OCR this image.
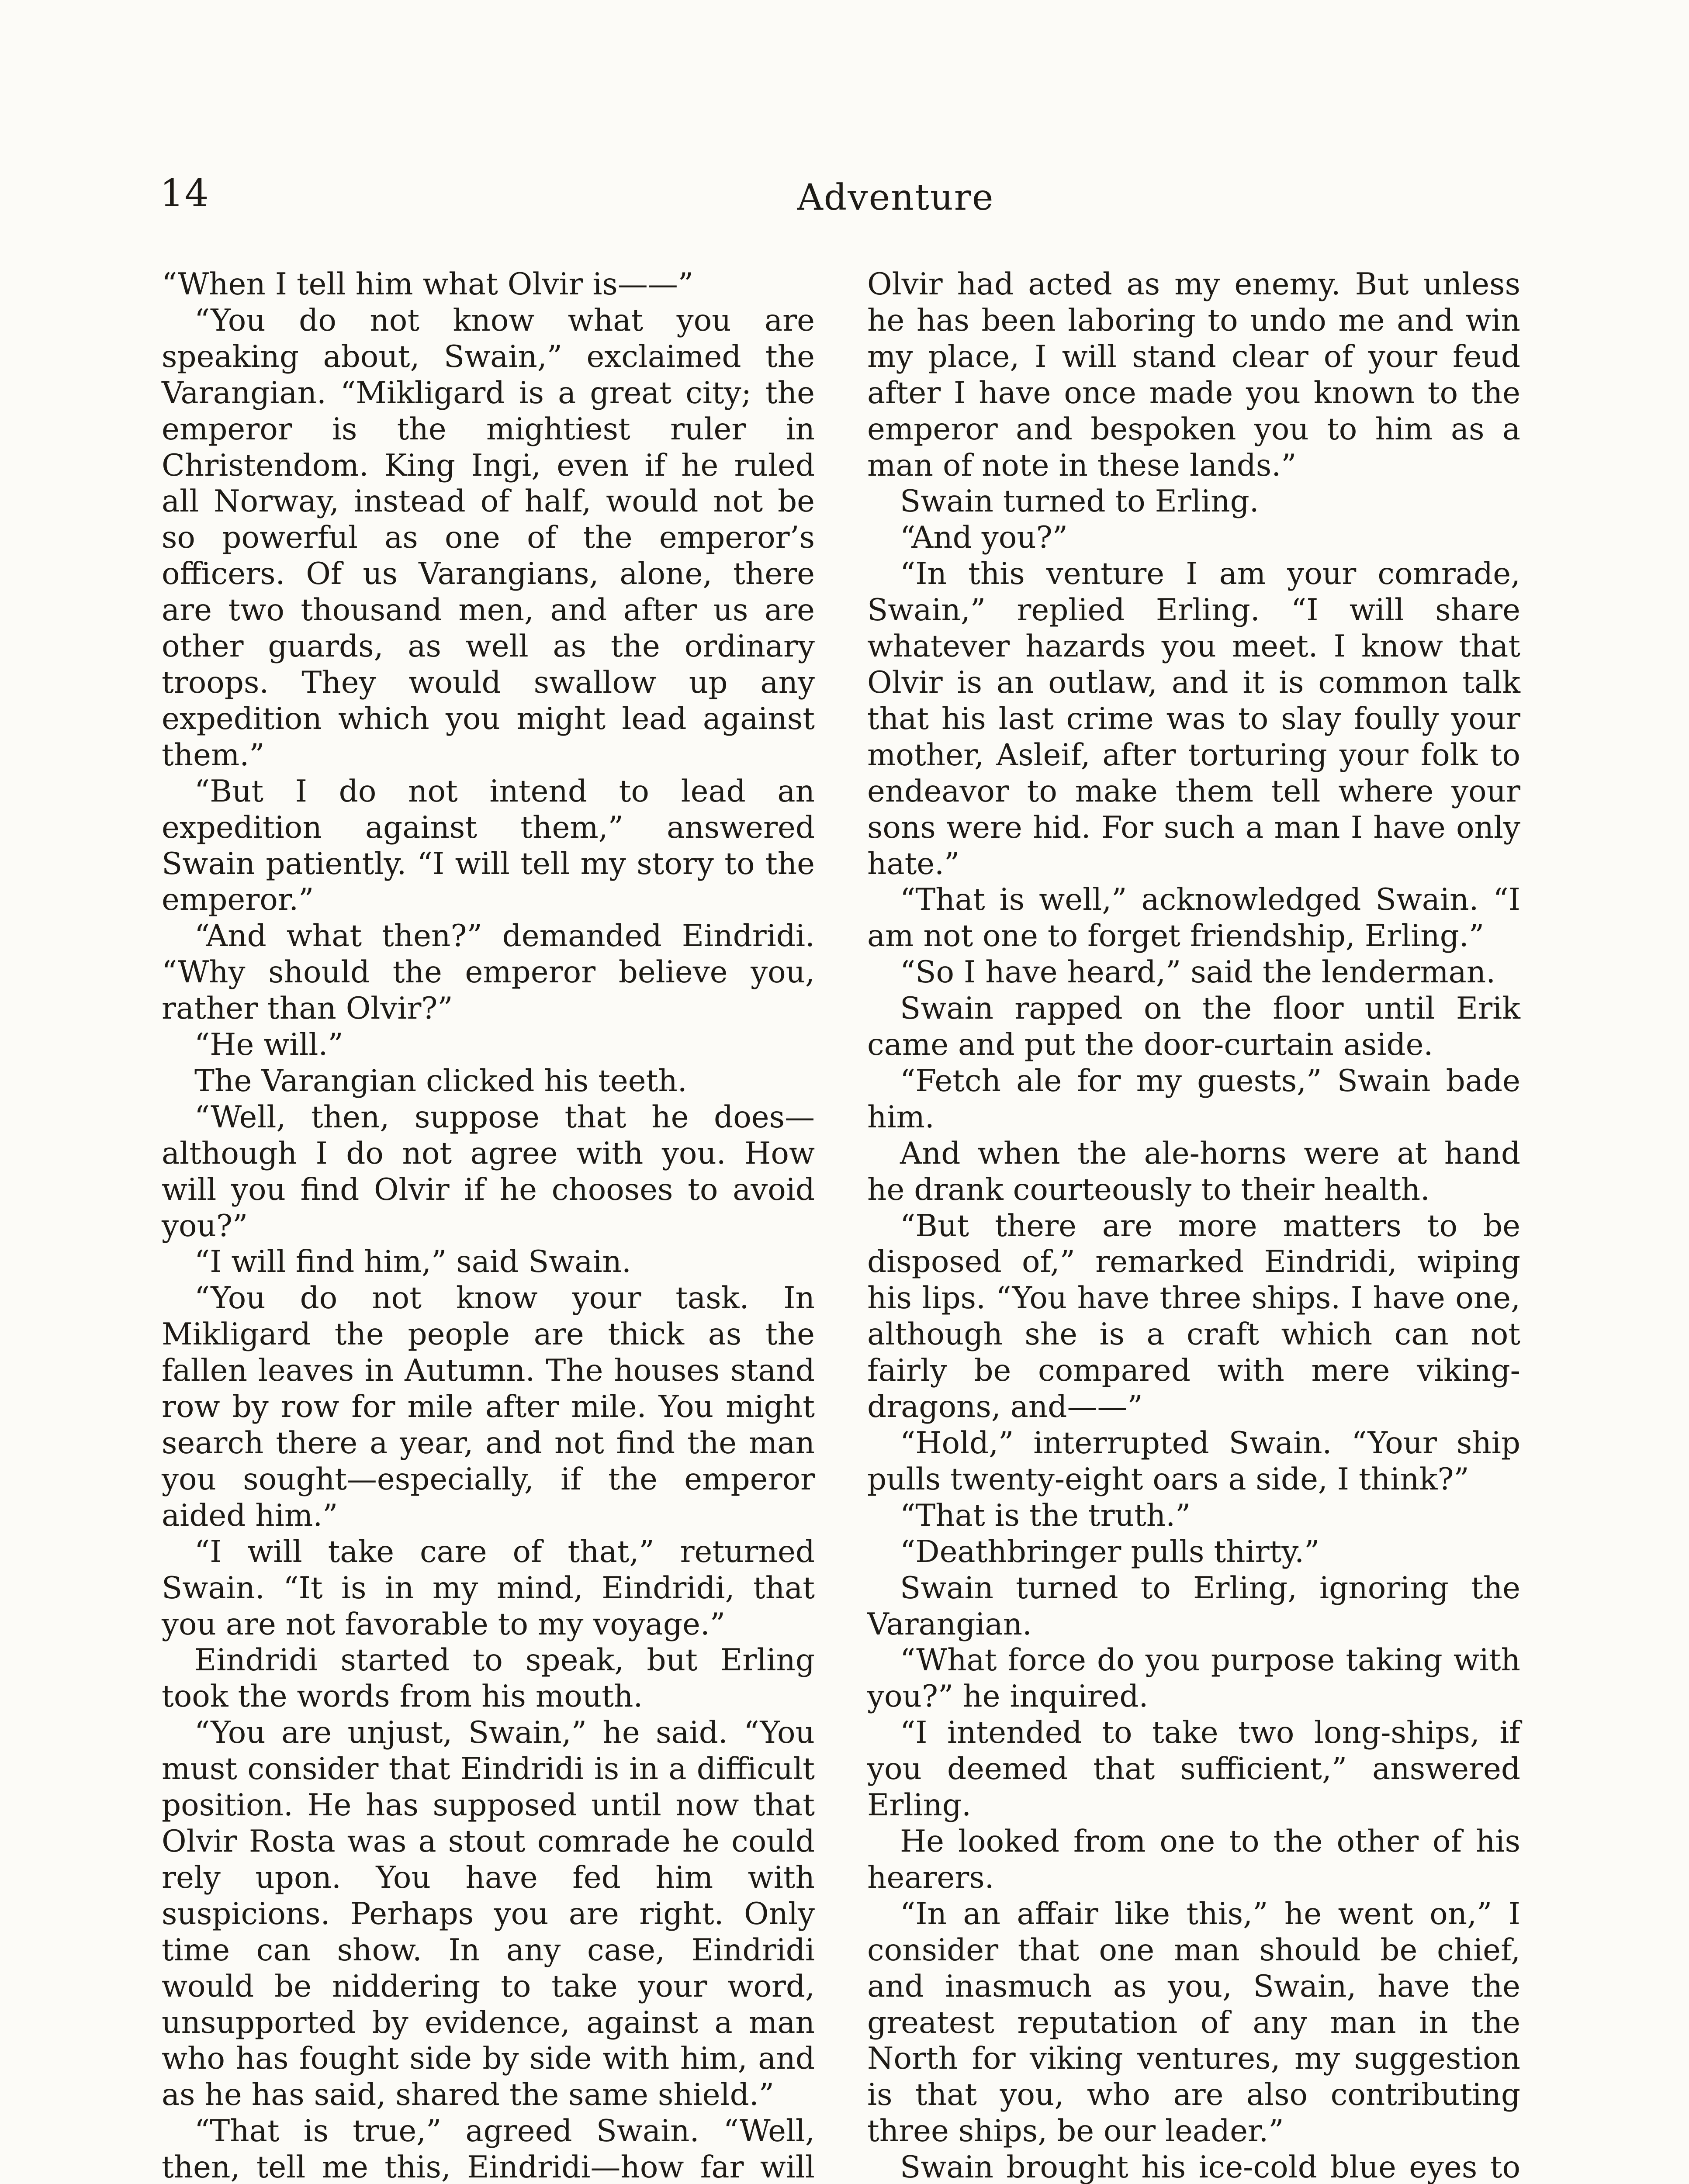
14	Adventure

“When I tell him what Olvir is——”

“You do not know what you are speaking about, Swain,” exclaimed the Varangian. “Mikligard is a great city; the emperor is the mightiest ruler in Christendom. King Ingi, even if he ruled all Norway, instead of half, would not be so powerful as one of the emperor’s officers. Of us Varangians, alone, there are two thousand men, and after us are other guards, as well as the ordinary troops. They would swallow up any expedition which you might lead against them.”

“But I do not intend to lead an expedition against them,” answered Swain patiently. “I will tell my story to the emperor.”

“And what then?” demanded Eindridi. “Why should the emperor believe you, rather than Olvir?”

“He will.”

The Varangian clicked his teeth.

“Well, then, suppose that he does—although I do not agree with you. How will you find Olvir if he chooses to avoid you?”

“I will find him,” said Swain.

“You do not know your task. In Mikligard the people are thick as the fallen leaves in Autumn. The houses stand row by row for mile after mile. You might search there a year, and not find the man you sought—especially, if the emperor aided him.”

“I will take care of that,” returned Swain. “It is in my mind, Eindridi, that you are not favorable to my voyage.”

Eindridi started to speak, but Erling took the words from his mouth.

“You are unjust, Swain,” he said. “You must consider that Eindridi is in a difficult position. He has supposed until now that Olvir Rosta was a stout comrade he could rely upon. You have fed him with suspicions. Perhaps you are right. Only time can show. In any case, Eindridi would be niddering to take your word, unsupported by evidence, against a man who has fought side by side with him, and as he has said, shared the same shield.”

“That is true,” agreed Swain. “Well, then, tell me this, Eindridi—how far will

Olvir had acted as my enemy. But unless he has been laboring to undo me and win my place, I will stand clear of your feud after I have once made you known to the emperor and bespoken you to him as a man of note in these lands.”

Swain turned to Erling.

“And you?”

“In this venture I am your comrade, Swain,” replied Erling. “I will share whatever hazards you meet. I know that Olvir is an outlaw, and it is common talk that his last crime was to slay foully your mother, Asleif, after torturing your folk to endeavor to make them tell where your sons were hid. For such a man I have only hate.”

“That is well,” acknowledged Swain. “I am not one to forget friendship, Erling.”

“So I have heard,” said the lenderman.

Swain rapped on the floor until Erik came and put the door-curtain aside.

“Fetch ale for my guests,” Swain bade him.

And when the ale-horns were at hand he drank courteously to their health.

“But there are more matters to be disposed of,” remarked Eindridi, wiping his lips. “You have three ships. I have one, although she is a craft which can not fairly be compared with mere viking-dragons, and——”

“Hold,” interrupted Swain. “Your ship pulls twenty-eight oars a side, I think?”

“That is the truth.”

“Deathbringer pulls thirty.”

Swain turned to Erling, ignoring the Varangian.

“What force do you purpose taking with you?” he inquired.

“I intended to take two long-ships, if you deemed that sufficient,” answered Erling.

He looked from one to the other of his hearers.

“In an affair like this,” he went on,” I consider that one man should be chief, and inasmuch as you, Swain, have the greatest reputation of any man in the North for viking ventures, my suggestion is that you, who are also contributing three ships, be our leader.”

Swain brought his ice-cold blue eyes to
